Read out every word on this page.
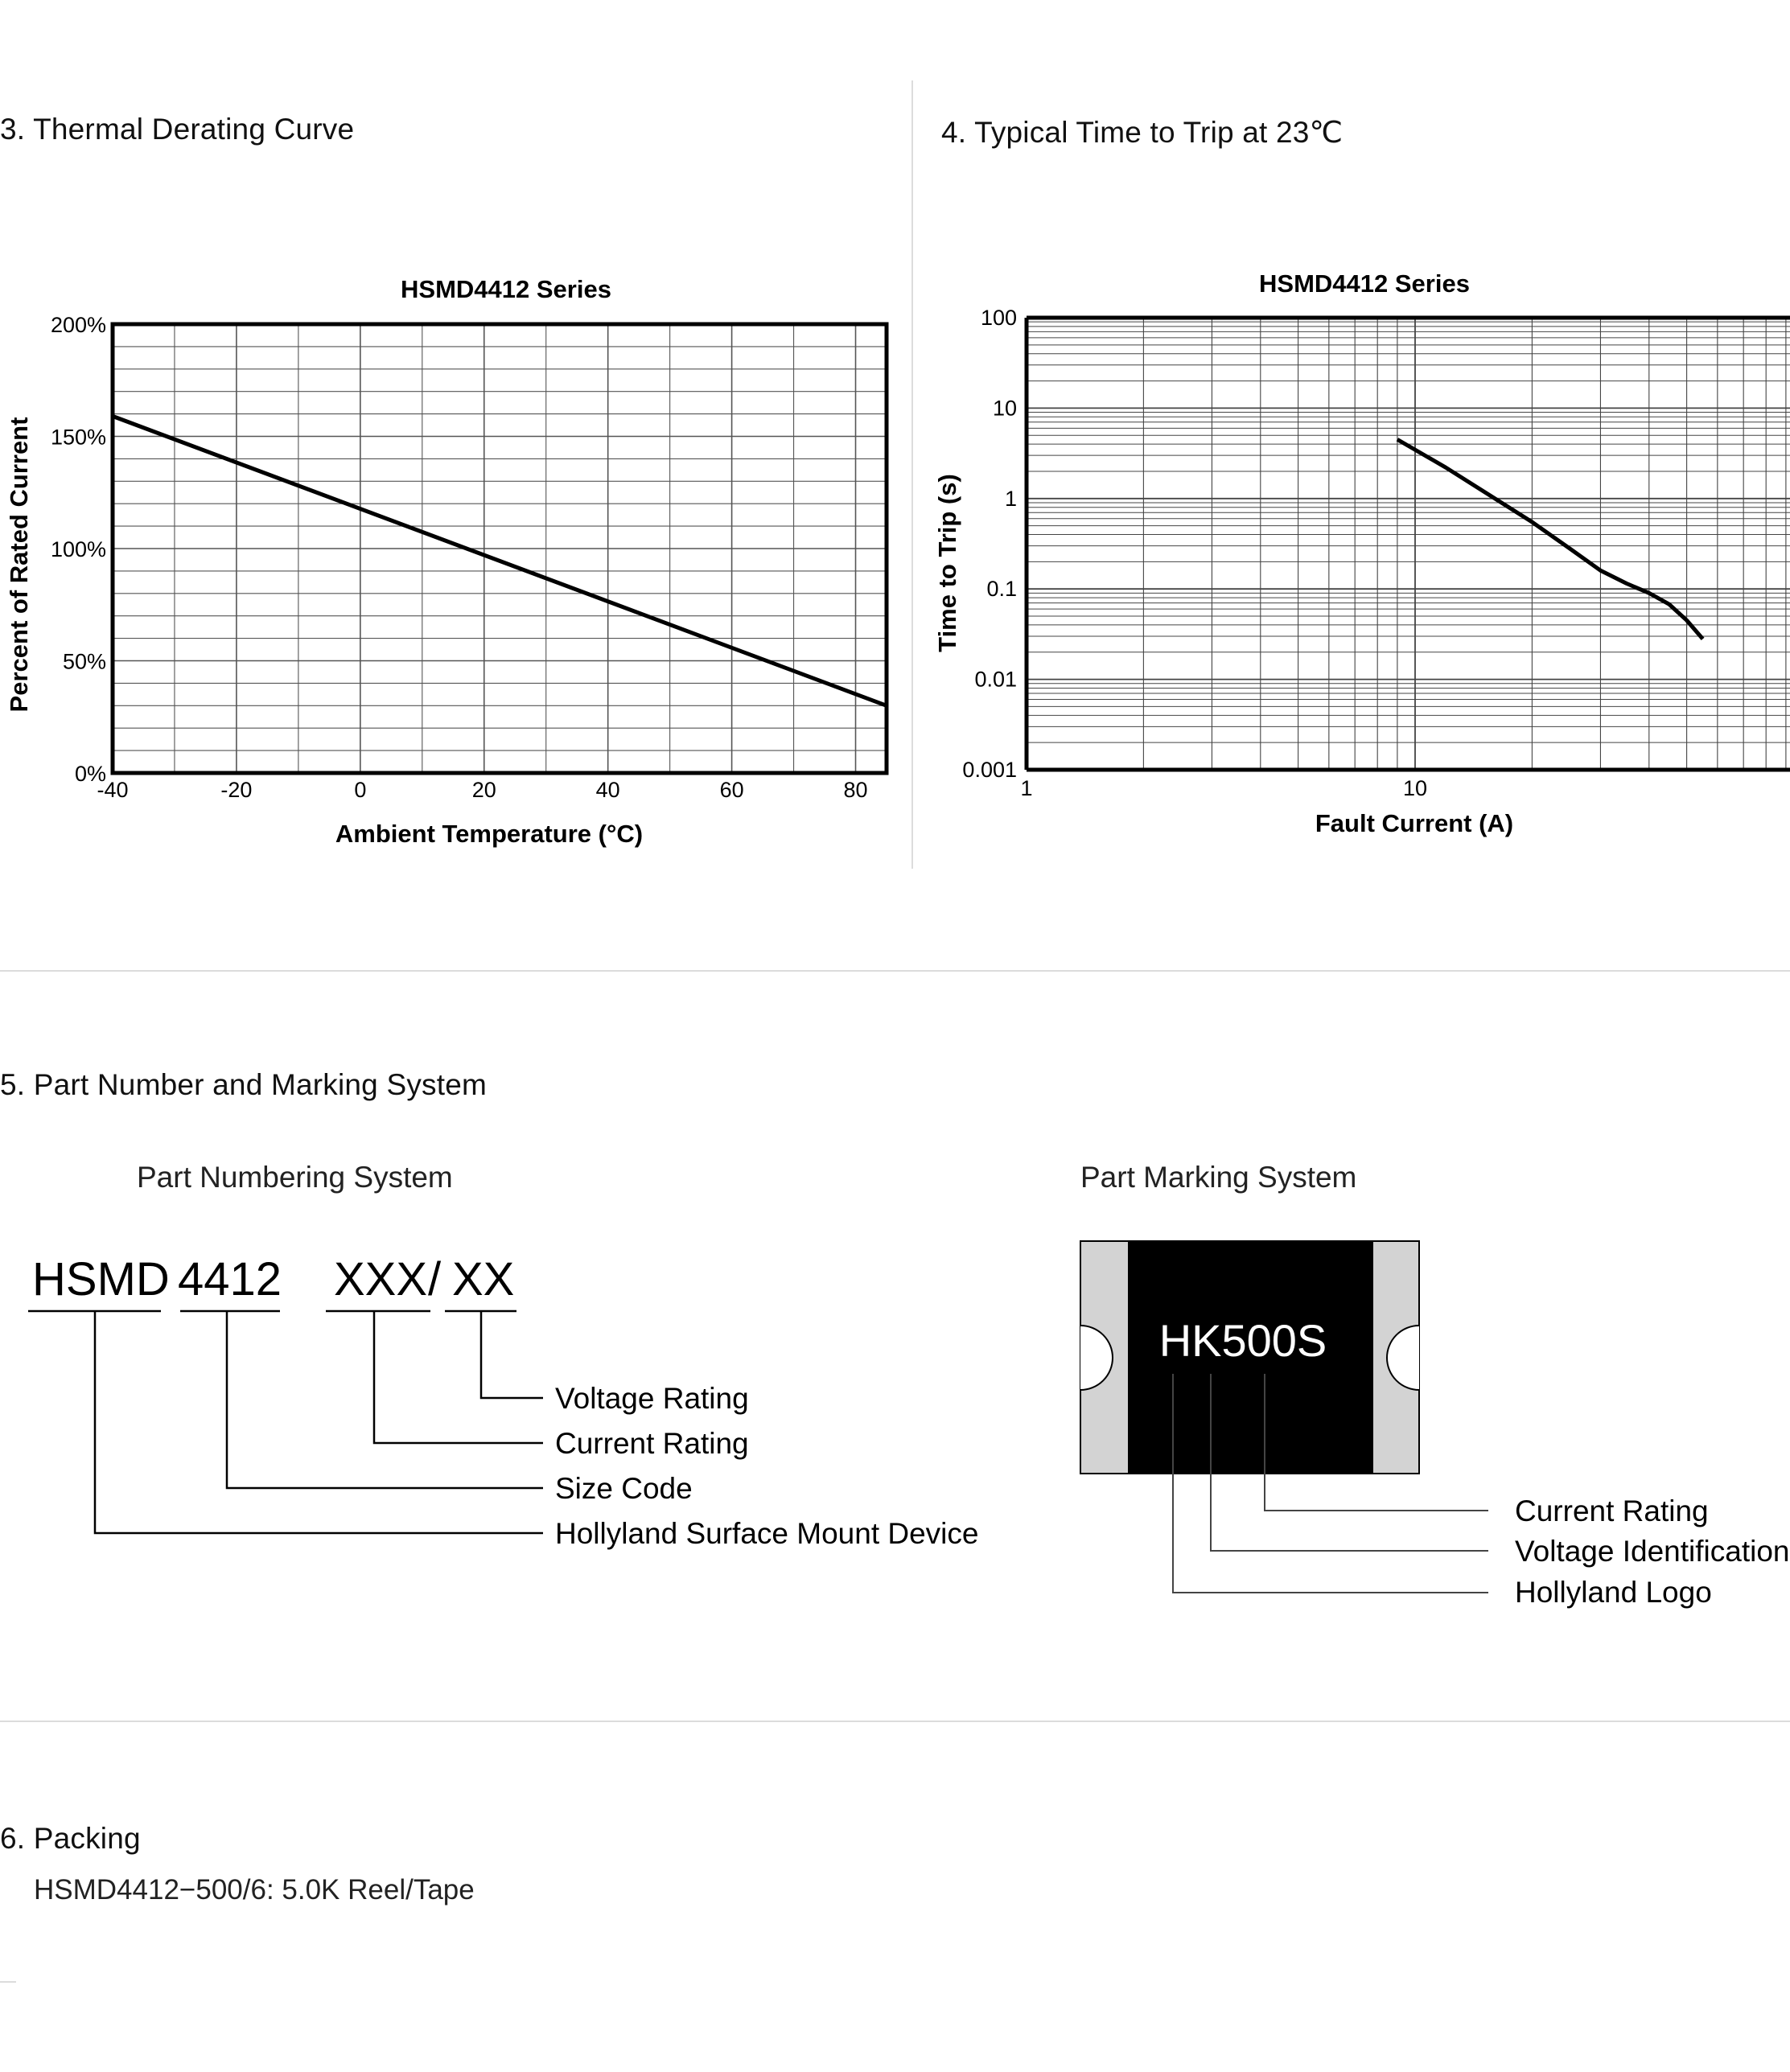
3. Thermal Derating Curve	4. Typical Time to Trip at 23℃
HSMD4412 Series
0%
50%
100%
150%
200%
-40	-20	0	20	40	60	80
Ambient Temperature (°C)
Percent of Rated Current
HSMD4412 Series
0.001
0.01
0.1
1
10
100
1	10
Fault Current (A)
Time to Trip (s)
5. Part Number and Marking System
Part Numbering System	Part Marking System
HSMD 4412 XXX / XX
Voltage Rating
Current Rating
Size Code
Hollyland Surface Mount Device
HK500S
Current Rating
Voltage Identification
Hollyland Logo
6. Packing
HSMD4412−500/6: 5.0K Reel/Tape
